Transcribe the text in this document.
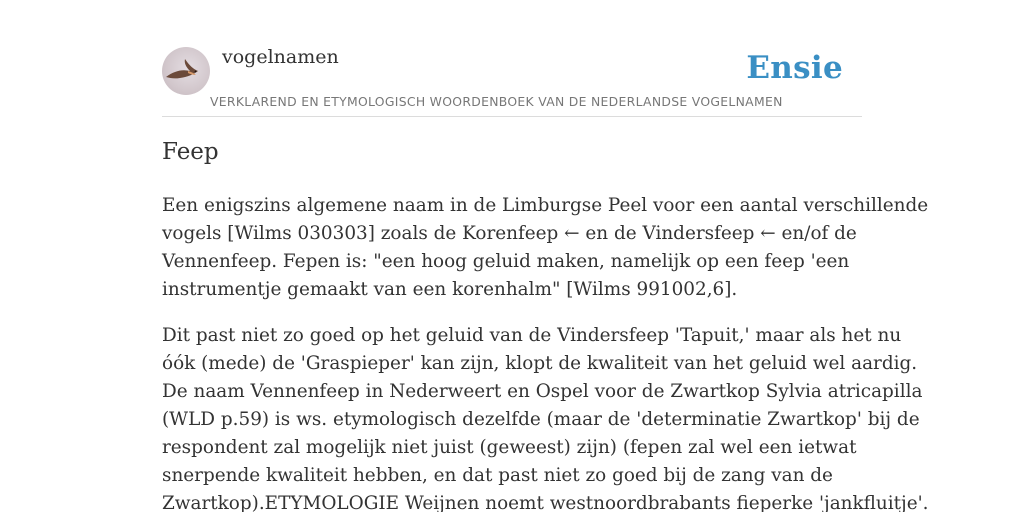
vogelnamen	Ensie
VERKLAREND EN ETYMOLOGISCH WOORDENBOEK VAN DE NEDERLANDSE VOGELNAMEN
Feep

Een enigszins algemene naam in de Limburgse Peel voor een aantal verschillende
vogels [Wilms 030303] zoals de Korenfeep ← en de Vindersfeep ← en/of de
Vennenfeep. Fepen is: "een hoog geluid maken, namelijk op een feep 'een
instrumentje gemaakt van een korenhalm" [Wilms 991002,6].

Dit past niet zo goed op het geluid van de Vindersfeep 'Tapuit,' maar als het nu
óók (mede) de 'Graspieper' kan zijn, klopt de kwaliteit van het geluid wel aardig.
De naam Vennenfeep in Nederweert en Ospel voor de Zwartkop Sylvia atricapilla
(WLD p.59) is ws. etymologisch dezelfde (maar de 'determinatie Zwartkop' bij de
respondent zal mogelijk niet juist (geweest) zijn) (fepen zal wel een ietwat
snerpende kwaliteit hebben, en dat past niet zo goed bij de zang van de
Zwartkop).ETYMOLOGIE Weijnen noemt westnoordbrabants fieperke 'jankfluitje'.
